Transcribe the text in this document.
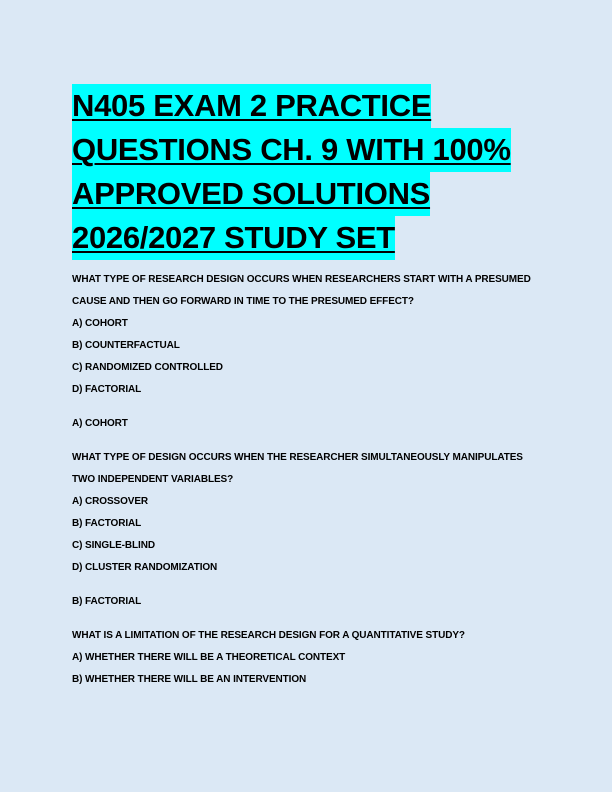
N405 EXAM 2 PRACTICE
QUESTIONS CH. 9 WITH 100%
APPROVED SOLUTIONS
2026/2027 STUDY SET
WHAT TYPE OF RESEARCH DESIGN OCCURS WHEN RESEARCHERS START WITH A PRESUMED
CAUSE AND THEN GO FORWARD IN TIME TO THE PRESUMED EFFECT?
A) COHORT
B) COUNTERFACTUAL
C) RANDOMIZED CONTROLLED
D) FACTORIAL
A) COHORT
WHAT TYPE OF DESIGN OCCURS WHEN THE RESEARCHER SIMULTANEOUSLY MANIPULATES
TWO INDEPENDENT VARIABLES?
A) CROSSOVER
B) FACTORIAL
C) SINGLE-BLIND
D) CLUSTER RANDOMIZATION
B) FACTORIAL
WHAT IS A LIMITATION OF THE RESEARCH DESIGN FOR A QUANTITATIVE STUDY?
A) WHETHER THERE WILL BE A THEORETICAL CONTEXT
B) WHETHER THERE WILL BE AN INTERVENTION
